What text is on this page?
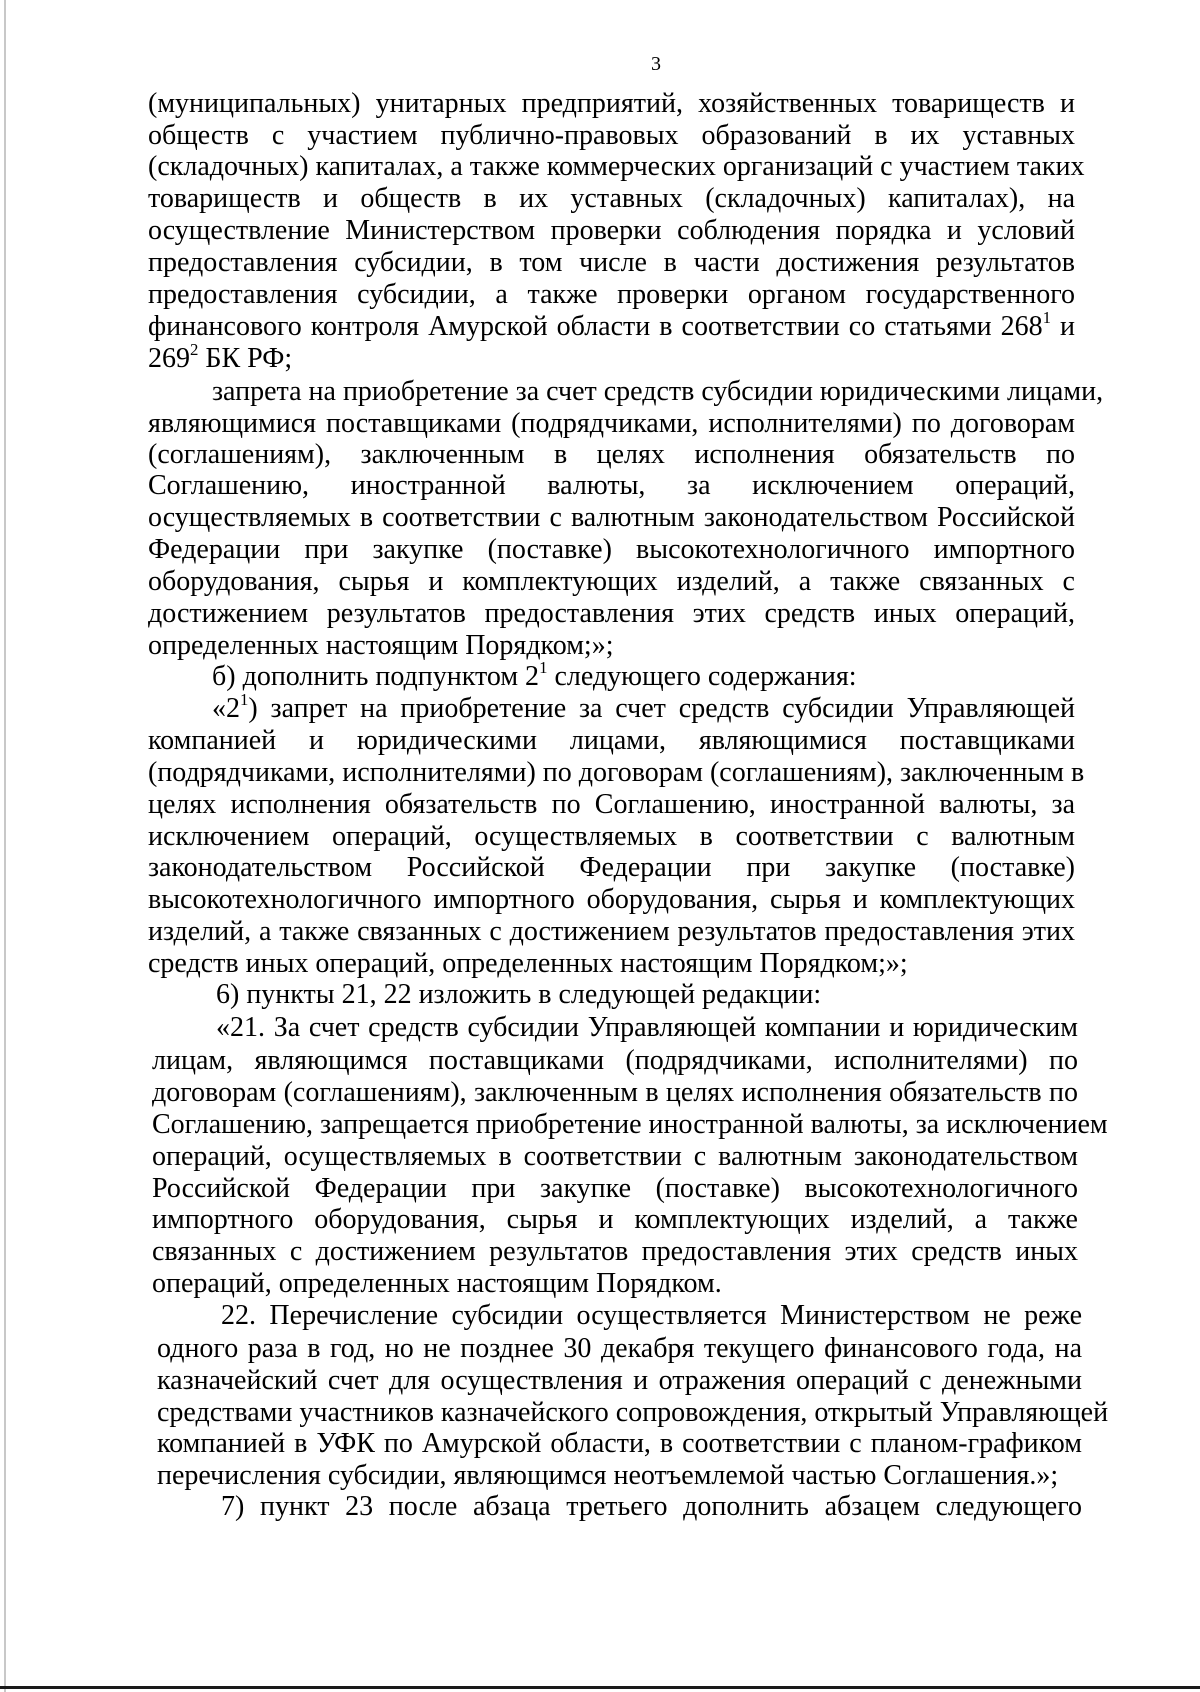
3
(муниципальных) унитарных предприятий, хозяйственных товариществ и
обществ с участием публично-правовых образований в их уставных
(складочных) капиталах, а также коммерческих организаций с участием таких
товариществ и обществ в их уставных (складочных) капиталах), на
осуществление Министерством проверки соблюдения порядка и условий
предоставления субсидии, в том числе в части достижения результатов
предоставления субсидии, а также проверки органом государственного
финансового контроля Амурской области в соответствии со статьями $268^1$ и
$269^2$ БК РФ;
запрета на приобретение за счет средств субсидии юридическими лицами,
являющимися поставщиками (подрядчиками, исполнителями) по договорам
(соглашениям), заключенным в целях исполнения обязательств по
Соглашению, иностранной валюты, за исключением операций,
осуществляемых в соответствии с валютным законодательством Российской
Федерации при закупке (поставке) высокотехнологичного импортного
оборудования, сырья и комплектующих изделий, а также связанных с
достижением результатов предоставления этих средств иных операций,
определенных настоящим Порядком;»;
б) дополнить подпунктом $2^1$ следующего содержания:
«$2^1$) запрет на приобретение за счет средств субсидии Управляющей
компанией и юридическими лицами, являющимися поставщиками
(подрядчиками, исполнителями) по договорам (соглашениям), заключенным в
целях исполнения обязательств по Соглашению, иностранной валюты, за
исключением операций, осуществляемых в соответствии с валютным
законодательством Российской Федерации при закупке (поставке)
высокотехнологичного импортного оборудования, сырья и комплектующих
изделий, а также связанных с достижением результатов предоставления этих
средств иных операций, определенных настоящим Порядком;»;
6) пункты 21, 22 изложить в следующей редакции:
«21. За счет средств субсидии Управляющей компании и юридическим
лицам, являющимся поставщиками (подрядчиками, исполнителями) по
договорам (соглашениям), заключенным в целях исполнения обязательств по
Соглашению, запрещается приобретение иностранной валюты, за исключением
операций, осуществляемых в соответствии с валютным законодательством
Российской Федерации при закупке (поставке) высокотехнологичного
импортного оборудования, сырья и комплектующих изделий, а также
связанных с достижением результатов предоставления этих средств иных
операций, определенных настоящим Порядком.
22. Перечисление субсидии осуществляется Министерством не реже
одного раза в год, но не позднее 30 декабря текущего финансового года, на
казначейский счет для осуществления и отражения операций с денежными
средствами участников казначейского сопровождения, открытый Управляющей
компанией в УФК по Амурской области, в соответствии с планом-графиком
перечисления субсидии, являющимся неотъемлемой частью Соглашения.»;
7) пункт 23 после абзаца третьего дополнить абзацем следующего
